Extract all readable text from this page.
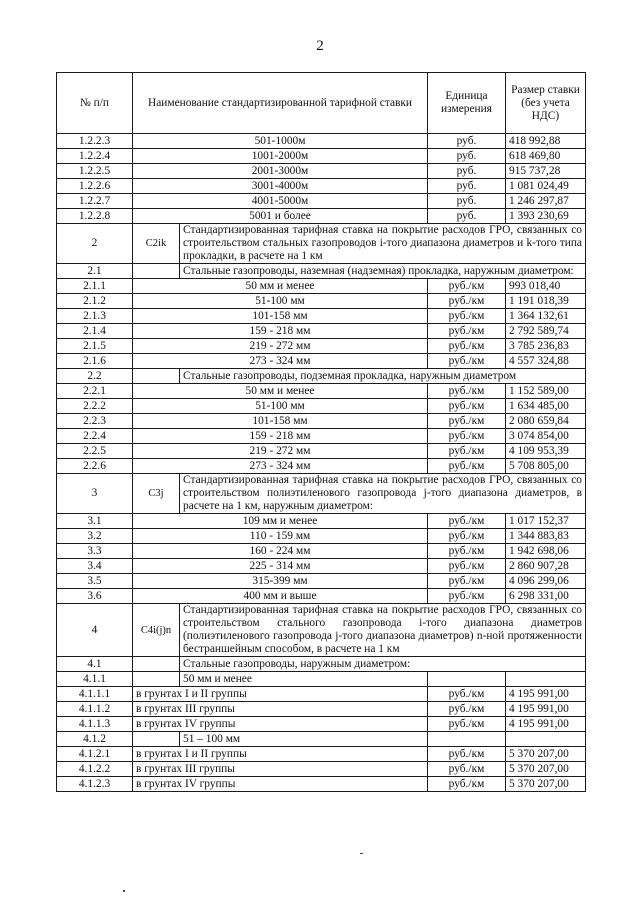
2
№ п/п	Наименование стандартизированной тарифной ставки		Единица измерения	Размер ставки (без учета НДС)
1.2.2.3	501-1000м		руб.	418 992,88
1.2.2.4	1001-2000м		руб.	618 469,80
1.2.2.5	2001-3000м		руб.	915 737,28
1.2.2.6	3001-4000м		руб.	1 081 024,49
1.2.2.7	4001-5000м		руб.	1 246 297,87
1.2.2.8	5001 и более		руб.	1 393 230,69
2	C2ik	Стандартизированная тарифная ставка на покрытие расходов ГРО, связанных со строительством стальных газопроводов i-того диапазона диаметров и k-того типа прокладки, в расчете на 1 км		
2.1		Стальные газопроводы, наземная (надземная) прокладка, наружным диаметром:		
2.1.1	50 мм и менее		руб./км	993 018,40
2.1.2	51-100 мм		руб./км	1 191 018,39
2.1.3	101-158 мм		руб./км	1 364 132,61
2.1.4	159 - 218 мм		руб./км	2 792 589,74
2.1.5	219 - 272 мм		руб./км	3 785 236,83
2.1.6	273 - 324 мм		руб./км	4 557 324,88
2.2		Стальные газопроводы, подземная прокладка, наружным диаметром		
2.2.1	50 мм и менее		руб./км	1 152 589,00
2.2.2	51-100 мм		руб./км	1 634 485,00
2.2.3	101-158 мм		руб./км	2 080 659,84
2.2.4	159 - 218 мм		руб./км	3 074 854,00
2.2.5	219 - 272 мм		руб./км	4 109 953,39
2.2.6	273 - 324 мм		руб./км	5 708 805,00
3	C3j	Стандартизированная тарифная ставка на покрытие расходов ГРО, связанных со строительством полиэтиленового газопровода j-того диапазона диаметров, в расчете на 1 км, наружным диаметром:		
3.1	109 мм и менее		руб./км	1 017 152,37
3.2	110 - 159 мм		руб./км	1 344 883,83
3.3	160 - 224 мм		руб./км	1 942 698,06
3.4	225 - 314 мм		руб./км	2 860 907,28
3.5	315-399 мм		руб./км	4 096 299,06
3.6	400 мм и выше		руб./км	6 298 331,00
4	C4i(j)n	Стандартизированная тарифная ставка на покрытие расходов ГРО, связанных со строительством стального газопровода i-того диапазона диаметров (полиэтиленового газопровода j-того диапазона диаметров) n-ной протяженности бестраншейным способом, в расчете на 1 км		
4.1		Стальные газопроводы, наружным диаметром:		
4.1.1		50 мм и менее		
4.1.1.1	в грунтах I и II группы		руб./км	4 195 991,00
4.1.1.2	в грунтах III группы		руб./км	4 195 991,00
4.1.1.3	в грунтах IV группы		руб./км	4 195 991,00
4.1.2		51 – 100 мм		
4.1.2.1	в грунтах I и II группы		руб./км	5 370 207,00
4.1.2.2	в грунтах III группы		руб./км	5 370 207,00
4.1.2.3	в грунтах IV группы		руб./км	5 370 207,00
